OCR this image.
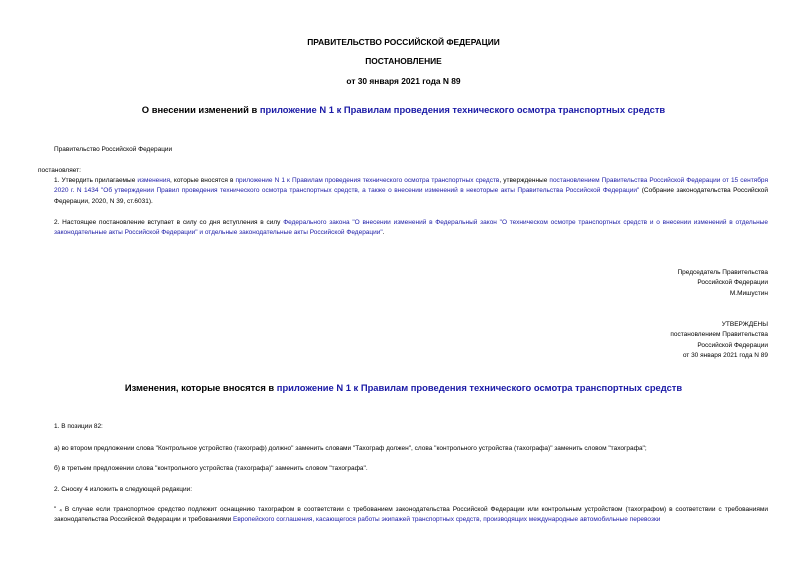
ПРАВИТЕЛЬСТВО РОССИЙСКОЙ ФЕДЕРАЦИИ
ПОСТАНОВЛЕНИЕ
от 30 января 2021 года N 89
О внесении изменений в приложение N 1 к Правилам проведения технического осмотра транспортных средств
Правительство Российской Федерации
постановляет:
1. Утвердить прилагаемые изменения, которые вносятся в приложение N 1 к Правилам проведения технического осмотра транспортных средств, утвержденные постановлением Правительства Российской Федерации от 15 сентября 2020 г. N 1434 "Об утверждении Правил проведения технического осмотра транспортных средств, а также о внесении изменений в некоторые акты Правительства Российской Федерации" (Собрание законодательства Российской Федерации, 2020, N 39, ст.6031).
2. Настоящее постановление вступает в силу со дня вступления в силу Федерального закона "О внесении изменений в Федеральный закон "О техническом осмотре транспортных средств и о внесении изменений в отдельные законодательные акты Российской Федерации" и отдельные законодательные акты Российской Федерации".
Председатель Правительства
Российской Федерации
М.Мишустин
УТВЕРЖДЕНЫ
постановлением Правительства
Российской Федерации
от 30 января 2021 года N 89
Изменения, которые вносятся в приложение N 1 к Правилам проведения технического осмотра транспортных средств
1. В позиции 82:
а) во втором предложении слова "Контрольное устройство (тахограф) должно" заменить словами "Тахограф должен", слова "контрольного устройства (тахографа)" заменить словом "тахографа";
б) в третьем предложении слова "контрольного устройства (тахографа)" заменить словом "тахографа".
2. Сноску 4 изложить в следующей редакции:
" ₄ В случае если транспортное средство подлежит оснащению тахографом в соответствии с требованием законодательства Российской Федерации или контрольным устройством (тахографом) в соответствии с требованиями законодательства Российской Федерации и требованиями Европейского соглашения, касающегося работы экипажей транспортных средств, производящих международные автомобильные перевозки
